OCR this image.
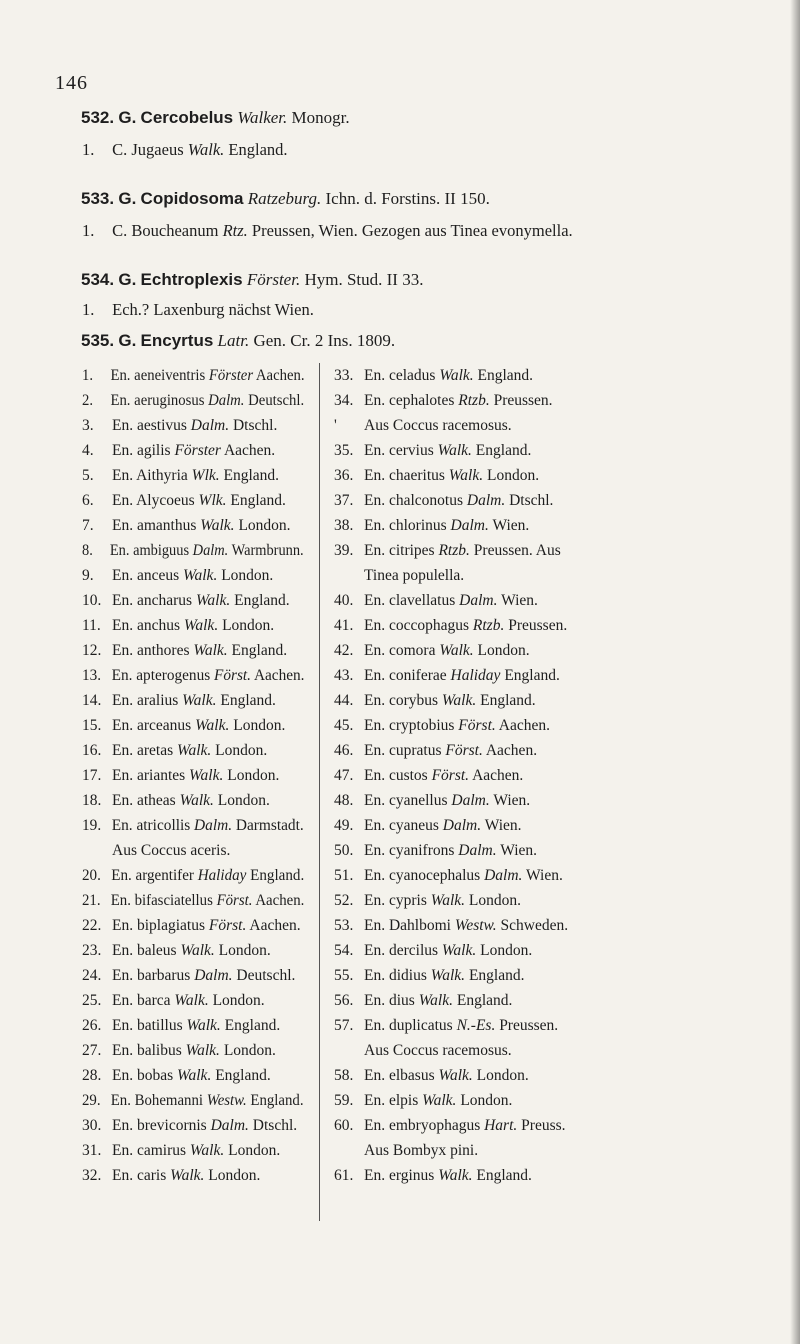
146
532. G. Cercobelus Walker. Monogr.
1. C. Jugaeus Walk. England.
533. G. Copidosoma Ratzeburg. Ichn. d. Forstins. II 150.
1. C. Boucheanum Rtz. Preussen, Wien. Gezogen aus Tinea evonymella.
534. G. Echtroplexis Förster. Hym. Stud. II 33.
1. Ech.? Laxenburg nächst Wien.
535. G. Encyrtus Latr. Gen. Cr. 2 Ins. 1809.
1. En. aeneiventris Förster Aachen.
2. En. aeruginosus Dalm. Deutschl.
3. En. aestivus Dalm. Dtschl.
4. En. agilis Förster Aachen.
5. En. Aithyria Wlk. England.
6. En. Alycoeus Wlk. England.
7. En. amanthus Walk. London.
8. En. ambiguus Dalm. Warmbrunn.
9. En. anceus Walk. London.
10. En. ancharus Walk. England.
11. En. anchus Walk. London.
12. En. anthores Walk. England.
13. En. apterogenus Först. Aachen.
14. En. aralius Walk. England.
15. En. arceanus Walk. London.
16. En. aretas Walk. London.
17. En. ariantes Walk. London.
18. En. atheas Walk. London.
19. En. atricollis Dalm. Darmstadt.
Aus Coccus aceris.
20. En. argentifer Haliday England.
21. En. bifasciatellus Först. Aachen.
22. En. biplagiatus Först. Aachen.
23. En. baleus Walk. London.
24. En. barbarus Dalm. Deutschl.
25. En. barca Walk. London.
26. En. batillus Walk. England.
27. En. balibus Walk. London.
28. En. bobas Walk. England.
29. En. Bohemanni Westw. England.
30. En. brevicornis Dalm. Dtschl.
31. En. camirus Walk. London.
32. En. caris Walk. London.
33. En. celadus Walk. England.
34. En. cephalotes Rtzb. Preussen.
' Aus Coccus racemosus.
35. En. cervius Walk. England.
36. En. chaeritus Walk. London.
37. En. chalconotus Dalm. Dtschl.
38. En. chlorinus Dalm. Wien.
39. En. citripes Rtzb. Preussen. Aus
Tinea populella.
40. En. clavellatus Dalm. Wien.
41. En. coccophagus Rtzb. Preussen.
42. En. comora Walk. London.
43. En. coniferae Haliday England.
44. En. corybus Walk. England.
45. En. cryptobius Först. Aachen.
46. En. cupratus Först. Aachen.
47. En. custos Först. Aachen.
48. En. cyanellus Dalm. Wien.
49. En. cyaneus Dalm. Wien.
50. En. cyanifrons Dalm. Wien.
51. En. cyanocephalus Dalm. Wien.
52. En. cypris Walk. London.
53. En. Dahlbomi Westw. Schweden.
54. En. dercilus Walk. London.
55. En. didius Walk. England.
56. En. dius Walk. England.
57. En. duplicatus N.-Es. Preussen.
Aus Coccus racemosus.
58. En. elbasus Walk. London.
59. En. elpis Walk. London.
60. En. embryophagus Hart. Preuss.
Aus Bombyx pini.
61. En. erginus Walk. England.
